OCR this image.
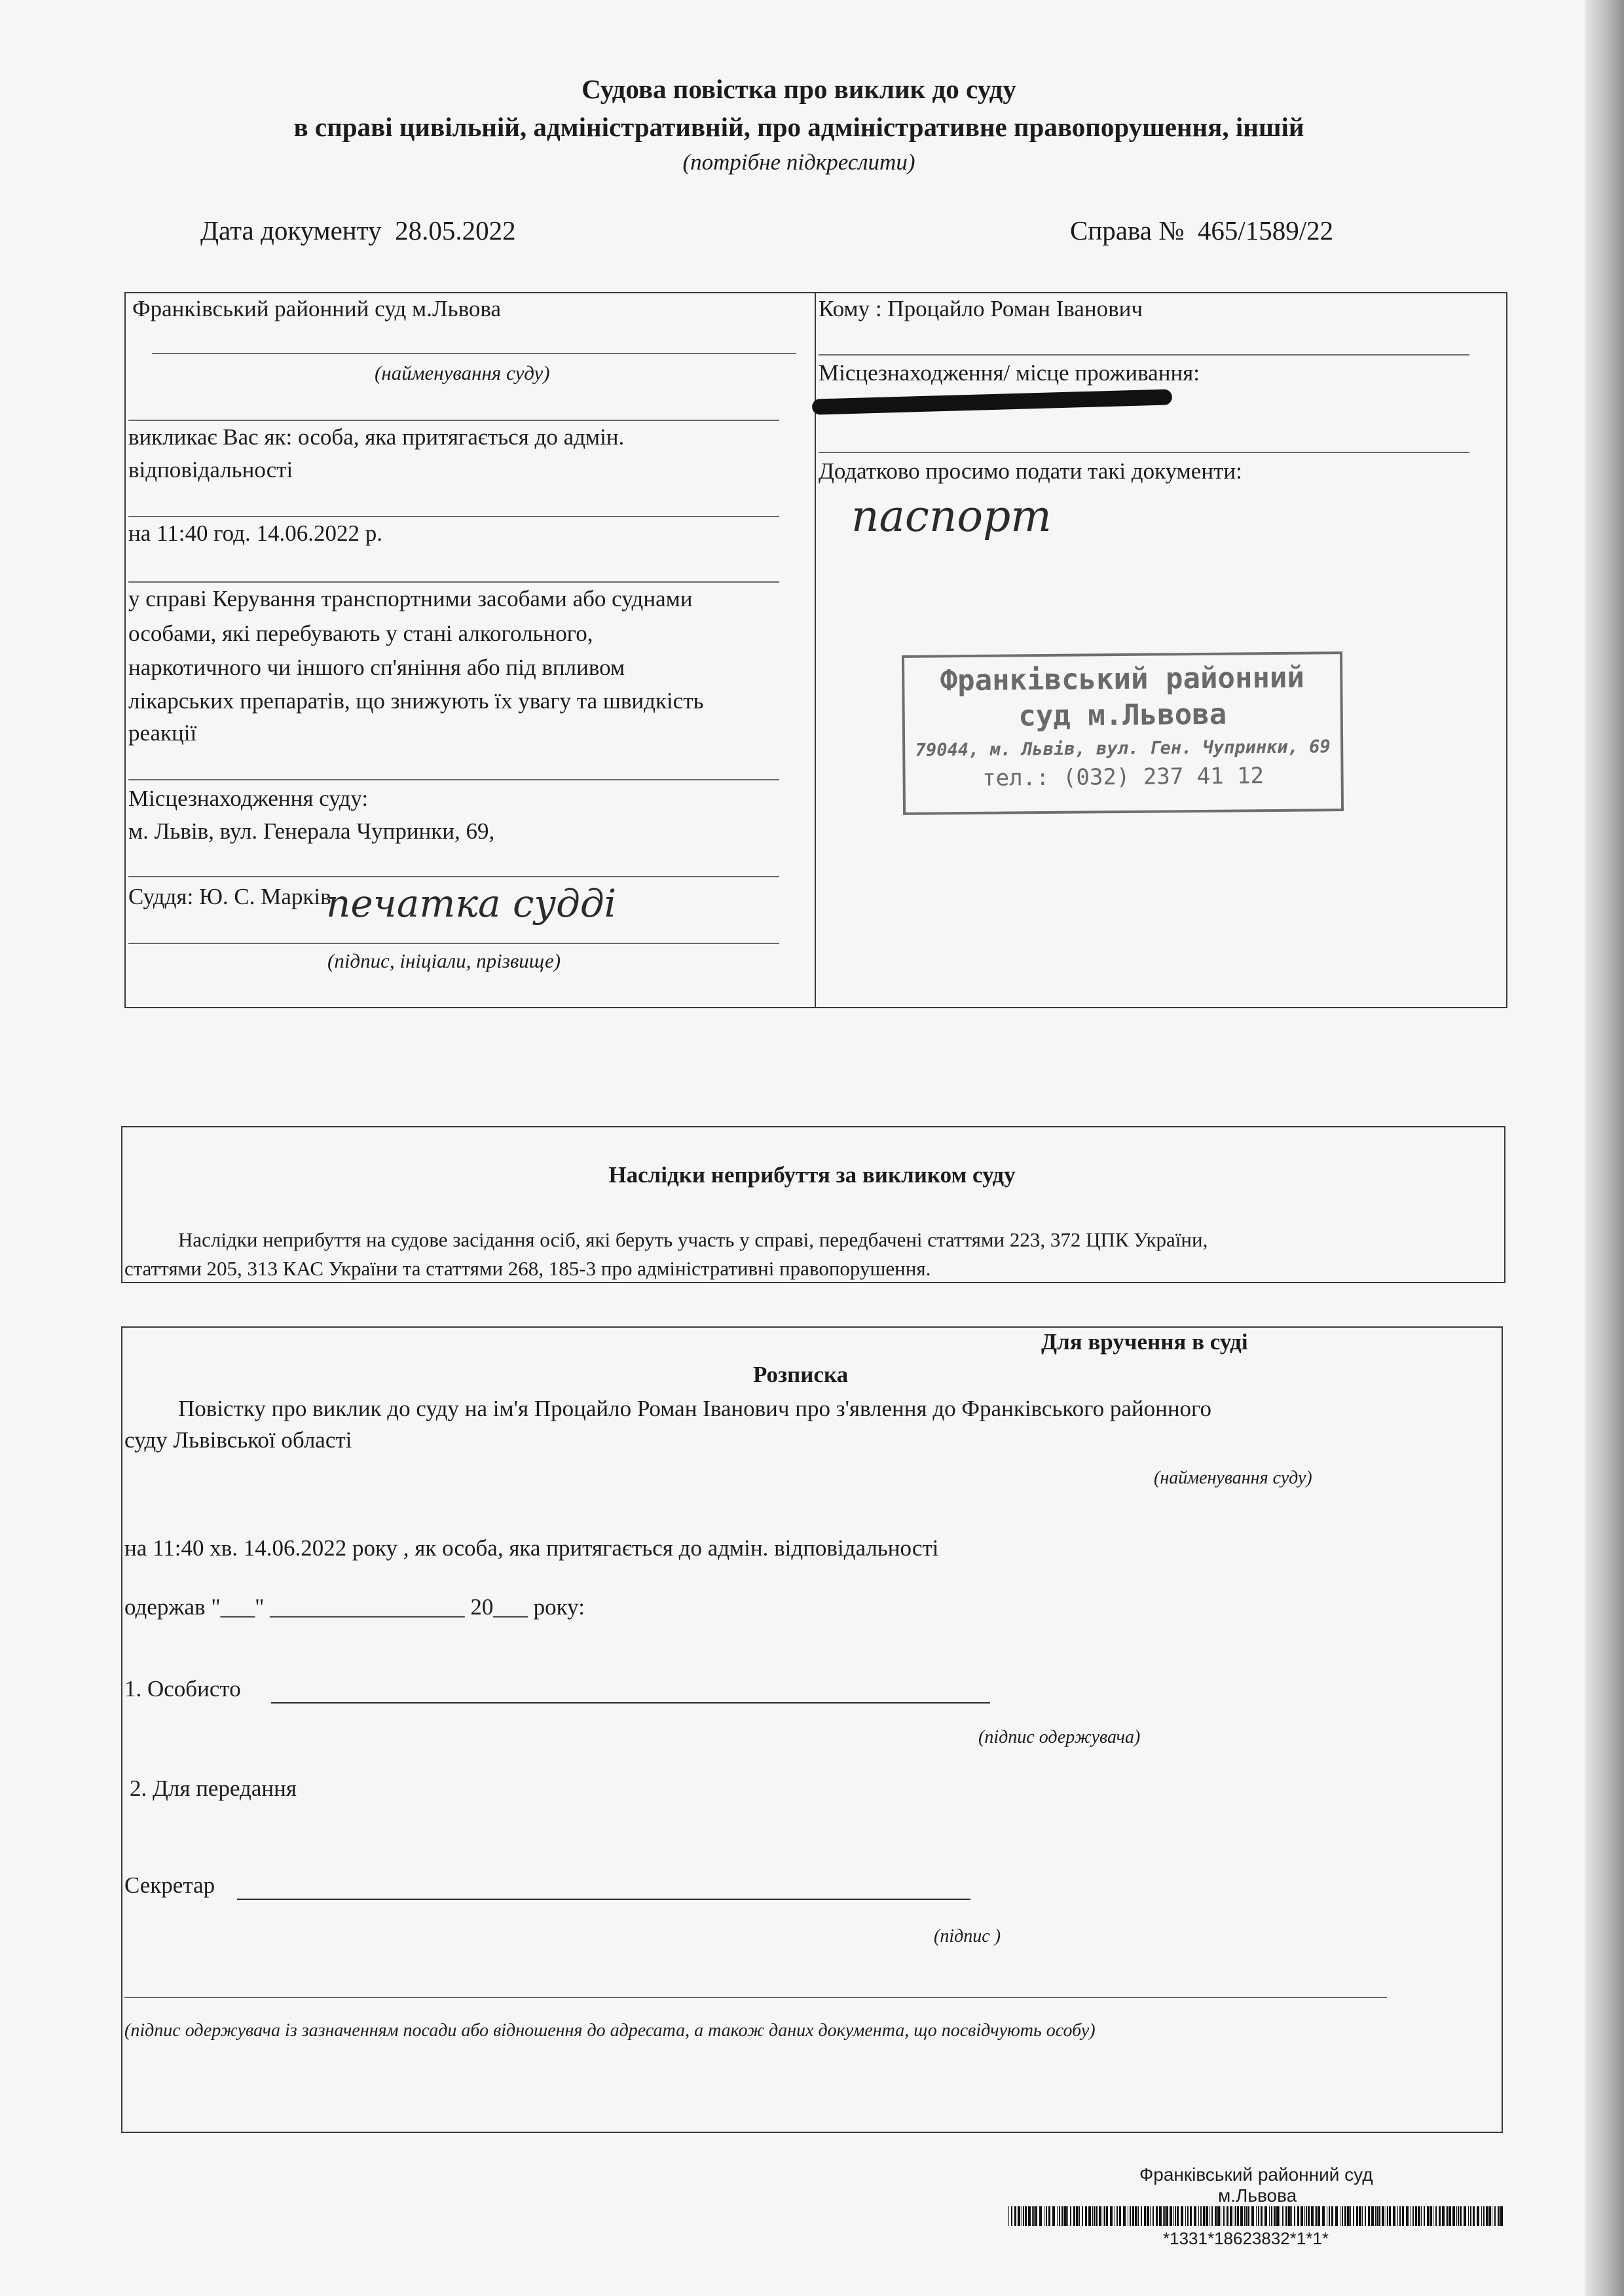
Судова повістка про виклик до суду
в справі цивільній, адміністративній, про адміністративне правопорушення, іншій
(потрібне підкреслити)
Дата документу 28.05.2022	Справа № 465/1589/22
Франківський районний суд м.Львова
(найменування суду)
викликає Вас як: особа, яка притягається до адмін.
відповідальності
на 11:40 год. 14.06.2022 р.
у справі Керування транспортними засобами або суднами
особами, які перебувають у стані алкогольного,
наркотичного чи іншого сп'яніння або під впливом
лікарських препаратів, що знижують їх увагу та швидкість
реакції
Місцезнаходження суду:
м. Львів, вул. Генерала Чупринки, 69,
Суддя: Ю. С. Марків
печатка судді
(підпис, ініціали, прізвище)
Кому : Процайло Роман Іванович
Місцезнаходження/ місце проживання:
Додатково просимо подати такі документи:
паспорт
Франківський районний
суд м.Львова
79044, м. Львів, вул. Ген. Чупринки, 69
тел.: (032) 237 41 12
Наслідки неприбуття за викликом суду
Наслідки неприбуття на судове засідання осіб, які беруть участь у справі, передбачені статтями 223, 372 ЦПК України,
статтями 205, 313 КАС України та статтями 268, 185-3 про адміністративні правопорушення.
Для вручення в суді
Розписка
Повістку про виклик до суду на ім'я Процайло Роман Іванович про з'явлення до Франківського районного
суду Львівської області
(найменування суду)
на 11:40 хв. 14.06.2022 року , як особа, яка притягається до адмін. відповідальності
одержав "___" _________________ 20___ року:
1. Особисто
(підпис одержувача)
2. Для передання
Секретар
(підпис )
(підпис одержувача із зазначенням посади або відношення до адресата, а також даних документа, що посвідчують особу)
Франківський районний суд
м.Львова
*1331*18623832*1*1*
